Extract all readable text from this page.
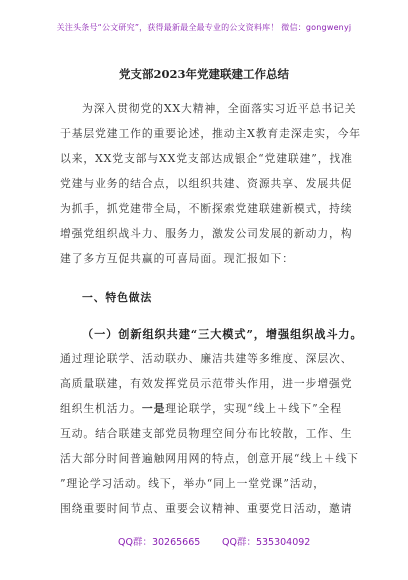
关注头条号“公文研究”，获得最新最全最专业的公文资料库！ 微信：gongwenyj
党支部2023年党建联建工作总结
为深入贯彻党的XX大精神，全面落实习近平总书记关
于基层党建工作的重要论述，推动主X教育走深走实，今年
以来，XX党支部与XX党支部达成银企“党建联建”，找准
党建与业务的结合点，以组织共建、资源共享、发展共促
为抓手，抓党建带全局，不断探索党建联建新模式，持续
增强党组织战斗力、服务力，激发公司发展的新动力，构
建了多方互促共赢的可喜局面。现汇报如下：
一、特色做法
（一）创新组织共建“三大模式”，增强组织战斗力。
通过理论联学、活动联办、廉洁共建等多维度、深层次、
高质量联建，有效发挥党员示范带头作用，进一步增强党
组织生机活力。一是理论联学，实现“线上＋线下”全程
互动。结合联建支部党员物理空间分布比较散，工作、生
活大部分时间普遍触网用网的特点，创意开展“线上＋线下
”理论学习活动。线下，举办“同上一堂党课”活动，
围绕重要时间节点、重要会议精神、重要党日活动，邀请
QQ群：30265665 QQ群：535304092
